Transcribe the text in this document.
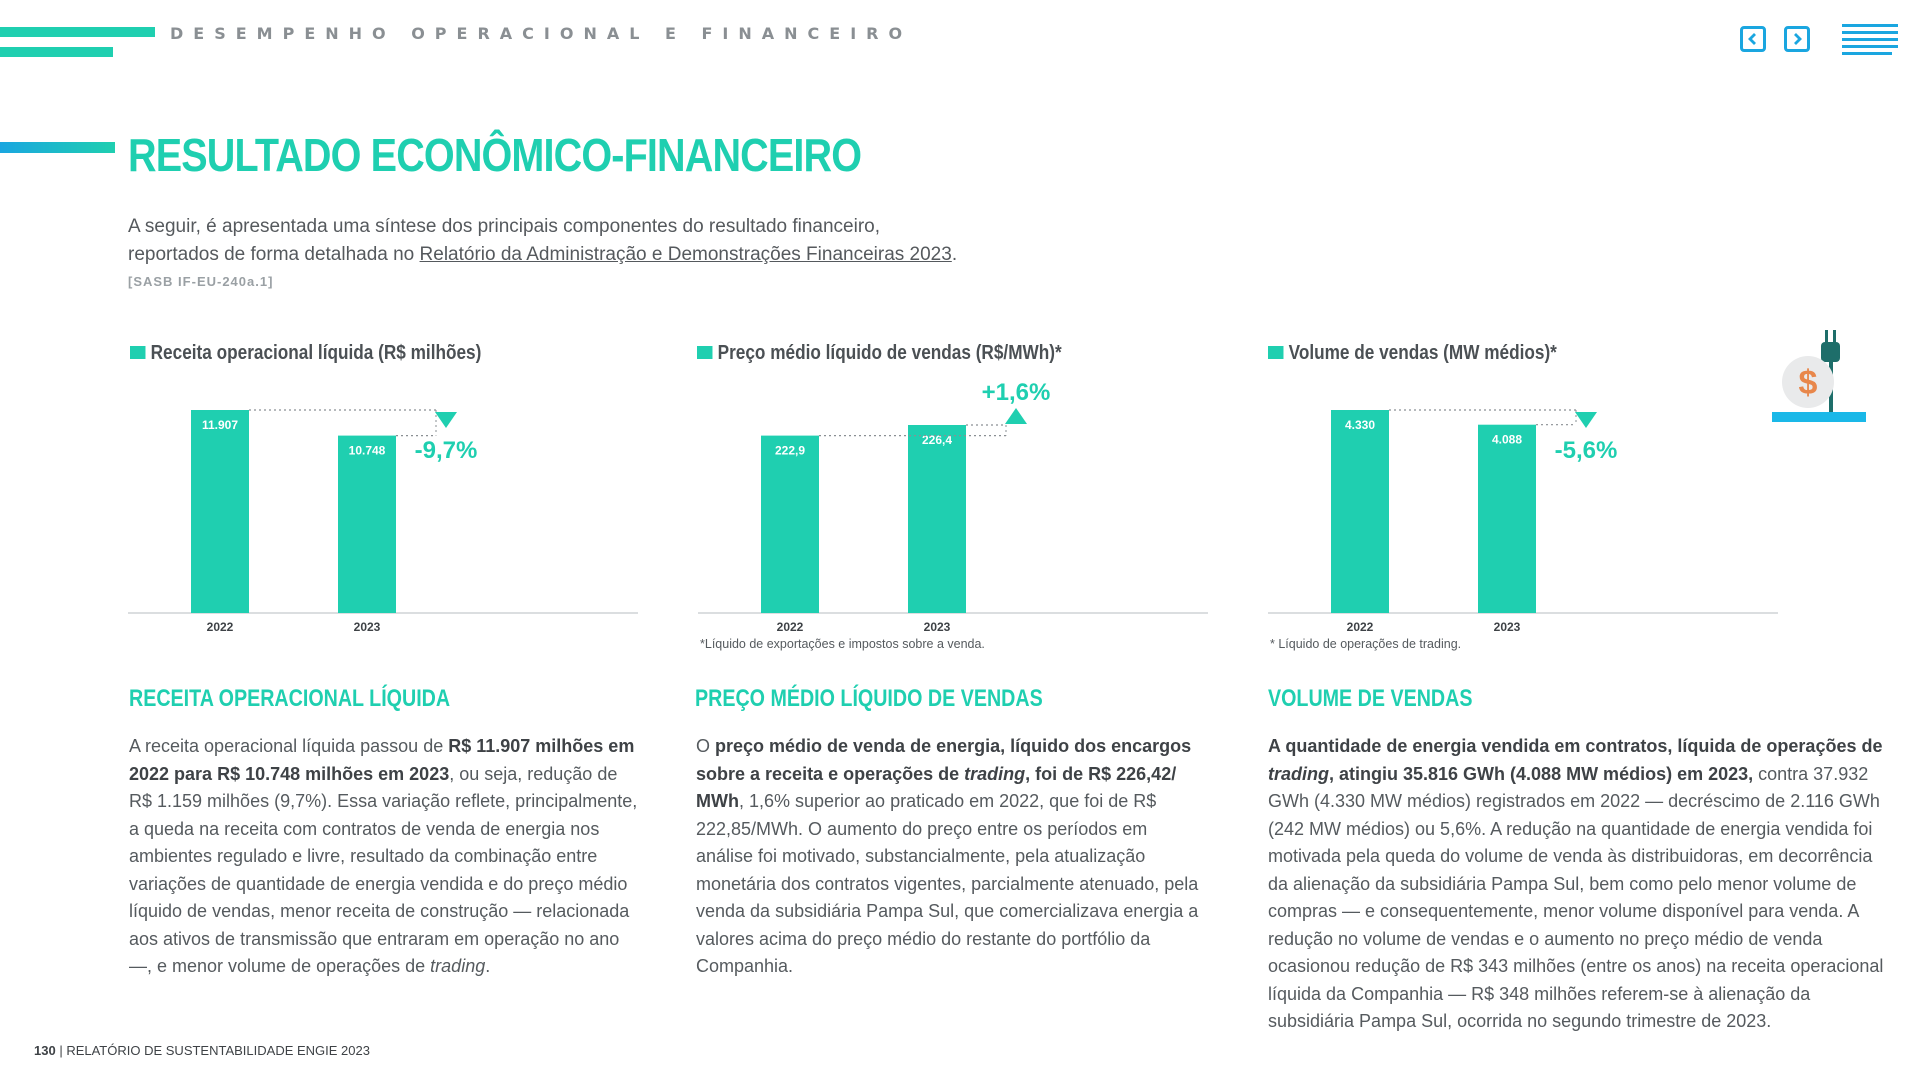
DESEMPENHO OPERACIONAL E FINANCEIRO
RESULTADO ECONÔMICO-FINANCEIRO
A seguir, é apresentada uma síntese dos principais componentes do resultado financeiro,
reportados de forma detalhada no Relatório da Administração e Demonstrações Financeiras 2023.
[SASB IF-EU-240a.1]
$
Receita operacional líquida (R$ milhões)	Preço médio líquido de vendas (R$/MWh)*	Volume de vendas (MW médios)*
11.907
2022
10.748
2023
-9,7%	222,9
2022
226,4
2023
+1,6%
4.330
2022
4.088
2023
-5,6%
*Líquido de exportações e impostos sobre a venda.	* Líquido de operações de trading.
RECEITA OPERACIONAL LÍQUIDA	PREÇO MÉDIO LÍQUIDO DE VENDAS	VOLUME DE VENDAS
A receita operacional líquida passou de R$ 11.907 milhões em 2022 para R$ 10.748 milhões em 2023, ou seja, redução de R$ 1.159 milhões (9,7%). Essa variação reflete, principalmente, a queda na receita com contratos de venda de energia nos ambientes regulado e livre, resultado da combinação entre variações de quantidade de energia vendida e do preço médio líquido de vendas, menor receita de construção — relacionada aos ativos de transmissão que entraram em operação no ano —, e menor volume de operações de trading.
O preço médio de venda de energia, líquido dos encargos sobre a receita e operações de trading, foi de R$ 226,42/ MWh, 1,6% superior ao praticado em 2022, que foi de R$ 222,85/MWh. O aumento do preço entre os períodos em análise foi motivado, substancialmente, pela atualização monetária dos contratos vigentes, parcialmente atenuado, pela venda da subsidiária Pampa Sul, que comercializava energia a valores acima do preço médio do restante do portfólio da Companhia.
A quantidade de energia vendida em contratos, líquida de operações de trading, atingiu 35.816 GWh (4.088 MW médios) em 2023, contra 37.932 GWh (4.330 MW médios) registrados em 2022 — decréscimo de 2.116 GWh (242 MW médios) ou 5,6%. A redução na quantidade de energia vendida foi motivada pela queda do volume de venda às distribuidoras, em decorrência da alienação da subsidiária Pampa Sul, bem como pelo menor volume de compras — e consequentemente, menor volume disponível para venda. A redução no volume de vendas e o aumento no preço médio de venda ocasionou redução de R$ 343 milhões (entre os anos) na receita operacional líquida da Companhia — R$ 348 milhões referem-se à alienação da subsidiária Pampa Sul, ocorrida no segundo trimestre de 2023.
130 | RELATÓRIO DE SUSTENTABILIDADE ENGIE 2023
